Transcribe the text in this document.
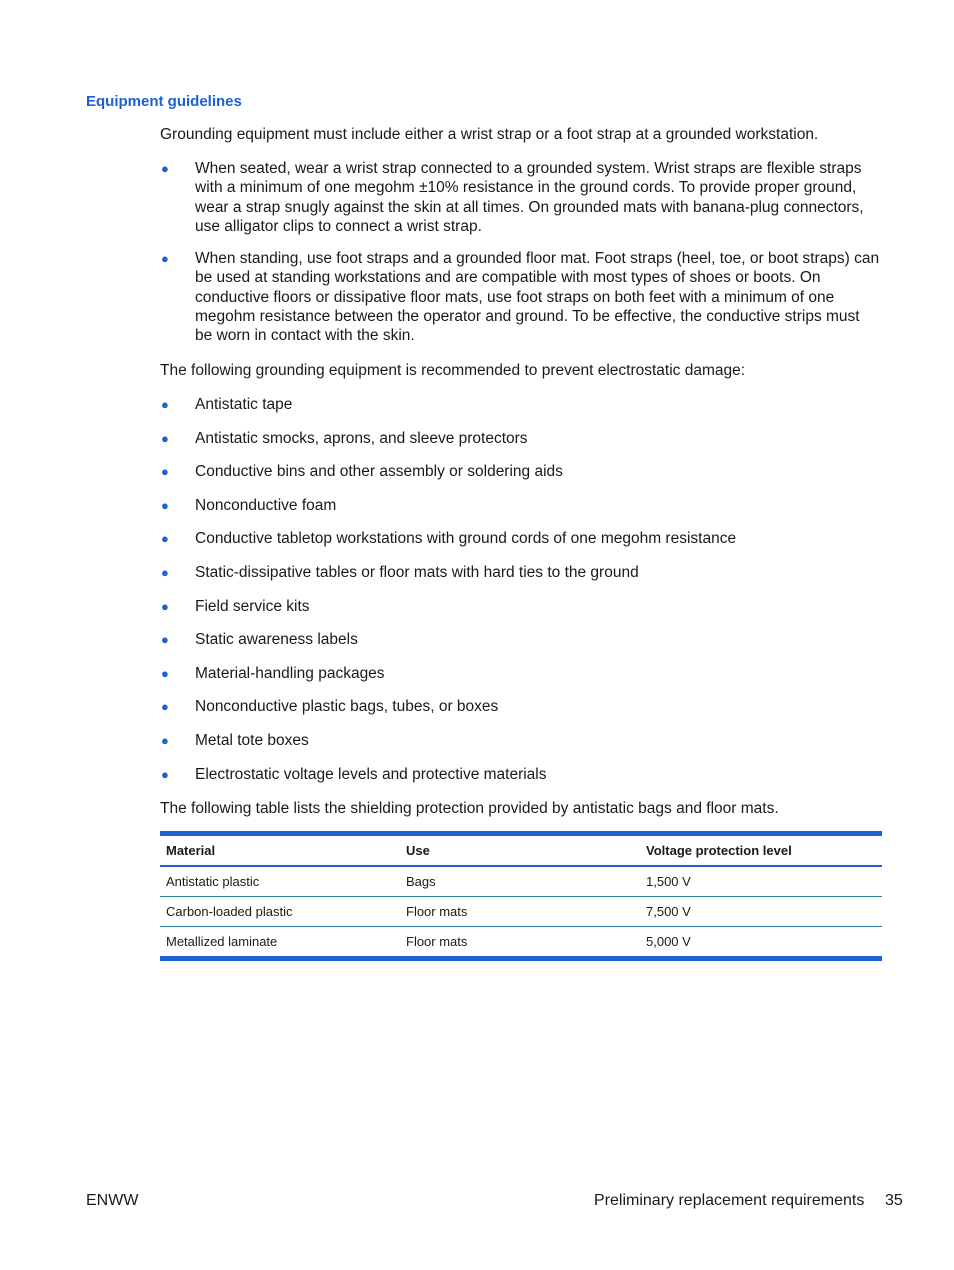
Equipment guidelines
Grounding equipment must include either a wrist strap or a foot strap at a grounded workstation.
● When seated, wear a wrist strap connected to a grounded system. Wrist straps are flexible straps with a minimum of one megohm ±10% resistance in the ground cords. To provide proper ground, wear a strap snugly against the skin at all times. On grounded mats with banana-plug connectors, use alligator clips to connect a wrist strap.
● When standing, use foot straps and a grounded floor mat. Foot straps (heel, toe, or boot straps) can be used at standing workstations and are compatible with most types of shoes or boots. On conductive floors or dissipative floor mats, use foot straps on both feet with a minimum of one megohm resistance between the operator and ground. To be effective, the conductive strips must be worn in contact with the skin.
The following grounding equipment is recommended to prevent electrostatic damage:
● Antistatic tape
● Antistatic smocks, aprons, and sleeve protectors
● Conductive bins and other assembly or soldering aids
● Nonconductive foam
● Conductive tabletop workstations with ground cords of one megohm resistance
● Static-dissipative tables or floor mats with hard ties to the ground
● Field service kits
● Static awareness labels
● Material-handling packages
● Nonconductive plastic bags, tubes, or boxes
● Metal tote boxes
● Electrostatic voltage levels and protective materials
The following table lists the shielding protection provided by antistatic bags and floor mats.
Material	Use	Voltage protection level
Antistatic plastic	Bags	1,500 V
Carbon-loaded plastic	Floor mats	7,500 V
Metallized laminate	Floor mats	5,000 V
ENWW	Preliminary replacement requirements 35
